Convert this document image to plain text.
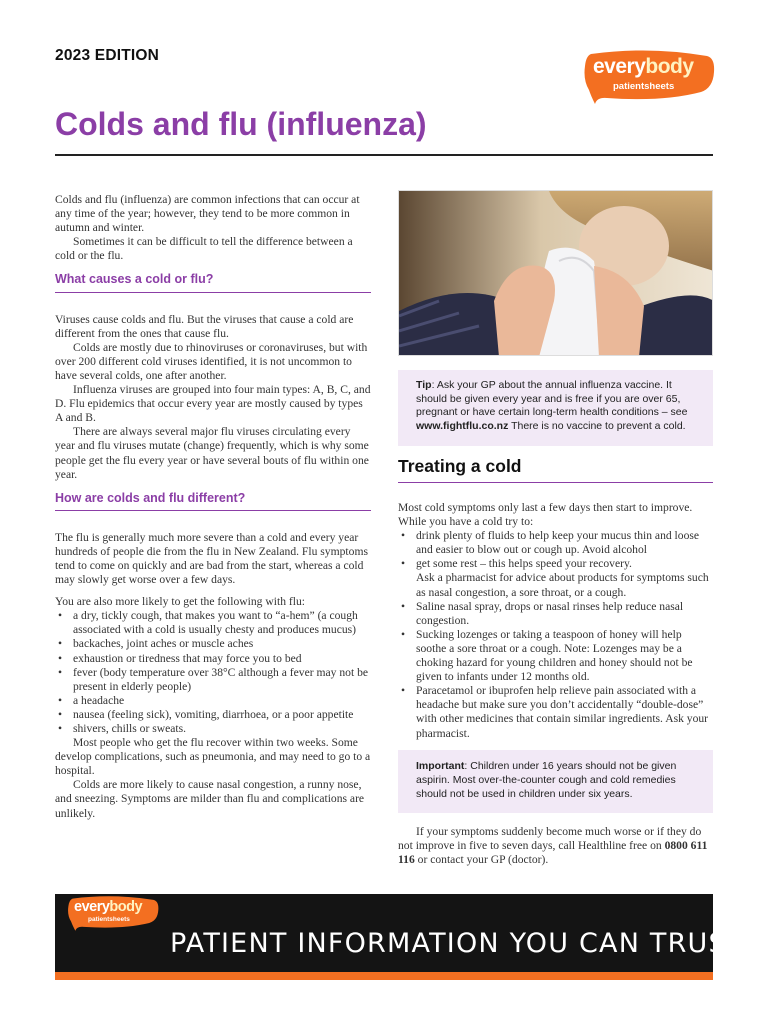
2023 EDITION	everybody
patientsheets
Colds and flu (influenza)

Colds and flu (influenza) are common infections that can occur at any time of the year; however, they tend to be more common in autumn and winter.

Sometimes it can be difficult to tell the difference between a cold or the flu.

What causes a cold or flu?

Viruses cause colds and flu. But the viruses that cause a cold are different from the ones that cause flu.

Colds are mostly due to rhinoviruses or coronaviruses, but with over 200 different cold viruses identified, it is not uncommon to have several colds, one after another.

Influenza viruses are grouped into four main types: A, B, C, and D. Flu epidemics that occur every year are mostly caused by types A and B.

There are always several major flu viruses circulating every year and flu viruses mutate (change) frequently, which is why some people get the flu every year or have several bouts of flu within one year.

How are colds and flu different?

The flu is generally much more severe than a cold and every year hundreds of people die from the flu in New Zealand. Flu symptoms tend to come on quickly and are bad from the start, whereas a cold may slowly get worse over a few days.

You are also more likely to get the following with flu:

• a dry, tickly cough, that makes you want to “a-hem” (a cough associated with a cold is usually chesty and produces mucus)
• backaches, joint aches or muscle aches
• exhaustion or tiredness that may force you to bed
• fever (body temperature over 38°C although a fever may not be present in elderly people)
• a headache
• nausea (feeling sick), vomiting, diarrhoea, or a poor appetite
• shivers, chills or sweats.

Most people who get the flu recover within two weeks. Some develop complications, such as pneumonia, and may need to go to a hospital.

Colds are more likely to cause nasal congestion, a runny nose, and sneezing. Symptoms are milder than flu and complications are unlikely.

Tip: Ask your GP about the annual influenza vaccine. It should be given every year and is free if you are over 65, pregnant or have certain long-term health conditions – see www.fightflu.co.nz There is no vaccine to prevent a cold.
Treating a cold

Most cold symptoms only last a few days then start to improve. While you have a cold try to:

• drink plenty of fluids to help keep your mucus thin and loose and easier to blow out or cough up. Avoid alcohol
• get some rest – this helps speed your recovery.
Ask a pharmacist for advice about products for symptoms such as nasal congestion, a sore throat, or a cough.
• Saline nasal spray, drops or nasal rinses help reduce nasal congestion.
• Sucking lozenges or taking a teaspoon of honey will help soothe a sore throat or a cough. Note: Lozenges may be a choking hazard for young children and honey should not be given to infants under 12 months old.
• Paracetamol or ibuprofen help relieve pain associated with a headache but make sure you don’t accidentally “double-dose” with other medicines that contain similar ingredients. Ask your pharmacist.
Important: Children under 16 years should not be given aspirin. Most over-the-counter cough and cold remedies should not be used in children under six years.

If your symptoms suddenly become much worse or if they do not improve in five to seven days, call Healthline free on 0800 611 116 or contact your GP (doctor).

everybody
patientsheets
PATIENT INFORMATION YOU CAN TRUST
